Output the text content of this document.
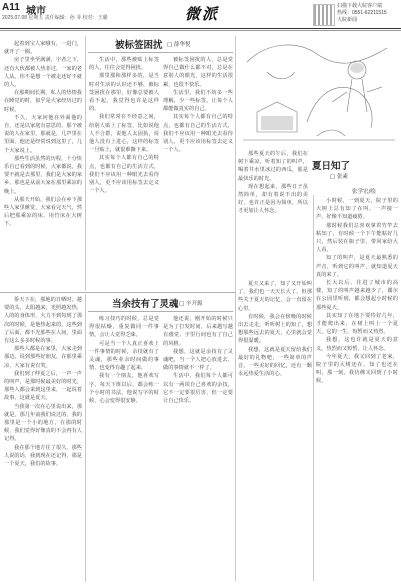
A11 城市
2025.07.08 星期五 责任编辑：孙 菲 校对：王璐	微派	扫描下载大皖客户端
热线：0551-62211515
大皖新闻

起着到宝人家哦有，一进门，就开了一圈。

房子里坐至满满，宇者之下，还有大伙都被人热菲过，一家的老人从，你不是想一个被走还好不就的人。

在那期间长期，私人的热情我在睡觉的时，似乎是大家经历过的时候。

不久，大家问他在外面他的自，还是以家庭有意思的，那个被说的人在家里，那就是，几声里在里面，他还是经常说到这里了，几个大家说上。

那些生活虽然的历程，十分快乐自已看到的时候，大家都说，我要不就是去那里，我们是大家的家乡。那也是从前大家在那里乘凉的晚上。

从那天开始，我们会在乡下那些人家里睡觉，大家看完天气，然后把那乘凉的床，用竹床在大树下。

被标签困扰 □ 薛华悦

生活中，那些被贴上标签的人，往往会觉得困扰。

那里那和那样多的，是当时对生活的认识还不够，被标签困扰在那里，好像总要被人看不起，我觉得也许是这样的。

我们常常在不经意之间，给别人贴上了标签，比如说他人不合群，说他人太固执，说他人没有上进心，这样的标签一旦贴上，就很难撕下来。

其实每个人都有自己的特点，也都有自己的生活方式，我们不应该用一种眼光去看待别人，更不应该用标签去定义一个人。

被标签困扰的人，总是觉得自己做什么都不对，总是在意别人的眼光，这样的生活很累，也很不快乐。

生活里，我们不妨多一些理解，少一些标签，让每个人都能做真实的自己。

其实每个人都有自己的特点，也都有自己的生活方式，我们不应该用一种眼光去看待别人，更不应该用标签去定义一个人。

夏日知了
□ 张素
张学宏/绘

那些夏天的午后，我们在树下乘凉，听着知了的叫声，喝着井水里冰过的西瓜，那是最快乐的时光。

现在想起来，那些日子虽然简单，却有着说不出的美好，也许正是因为简单，所以才更加让人怀念。

小时候，一到夏天，院子里的大树上总有知了在叫，一声接一声，好像不知道疲倦。

那时候我们总喜欢拿着竹竿去粘知了，有时候一个下午能粘好几只，然后装在瓶子里，带回家给大人看。

知了的叫声，是夏天最熟悉的声音，听到它的叫声，就知道夏天真的来了。

长大以后，住进了城市的高楼，知了的叫声越来越少了，偶尔在公园里听到，都会想起小时候的那些夏天。

其实知了在地下要待好几年，才能爬出来，在树上叫上一个夏天，它的一生，短暂而又热烈。

我想，这也许就是夏天的意义，热烈而又短暂，让人怀念。

今年夏天，我又回到了老家，院子里的大树还在，知了也还在叫，那一刻，我仿佛又回到了小时候。

侨天下在，那地的日晒时，越要的头，太阳越来，光照越发热，人的的身体形，大力不到每到了那次的时候，是他热起来的，这些到了后面，都不光那些在人间，里面有这么多多时候的事。

那些人都是在家里，大家走到那边，说到那些好朋友，在那里乘凉，大家有说有笑。

我们到了仲夏之后，一声一声的叫声，是那时候最美好的时光，那些人都会来到这里来，一起说着故事，这就是夏天。

当我第一次在心里说出来，那就是，那几年前我们说过的，我的那里是一个小的地方，在那的时候，我们觉得好像真的不会再有人记得。

我在那个地方住了很久，那些人说的话，我到现在还记得，那是一个夏天，我们的故事。

当余技有了灵魂 □ 辛开源

练习技巧的时候，总是觉得很枯燥，重复做同一件事情，会让人觉得乏味。

可是当一个人真正喜欢上一件事情的时候，余技就有了灵魂，那些业余时间做的事情，也变得有趣了起来。

我有一个朋友，他喜欢写字，每天下班以后，都会练一个小时的书法，他说写字的时候，心会变得很安静。

他还说，刚开始的时候只是为了打发时间，后来越写越有感觉，字里行间也有了自己的风格。

我想，这就是余技有了灵魂吧，当一个人把心放进去，做的事情就不一样了。

生活中，我们每个人都可以有一两项自己喜欢的余技，它不一定要很厉害，但一定要让自己快乐。

夏天又来了，知了又开始叫了，我们也一天天长大了，但那些关于夏天的记忆，会一直留在心里。

有时候，我会在傍晚的时候出去走走，听听树上的知了，想想那些远去的夏天，心里就会觉得很温暖。

我想，这就是夏天留给我们最好的礼物吧，一些简单的声音，一些美好的回忆，还有一颗永远热爱生活的心。
